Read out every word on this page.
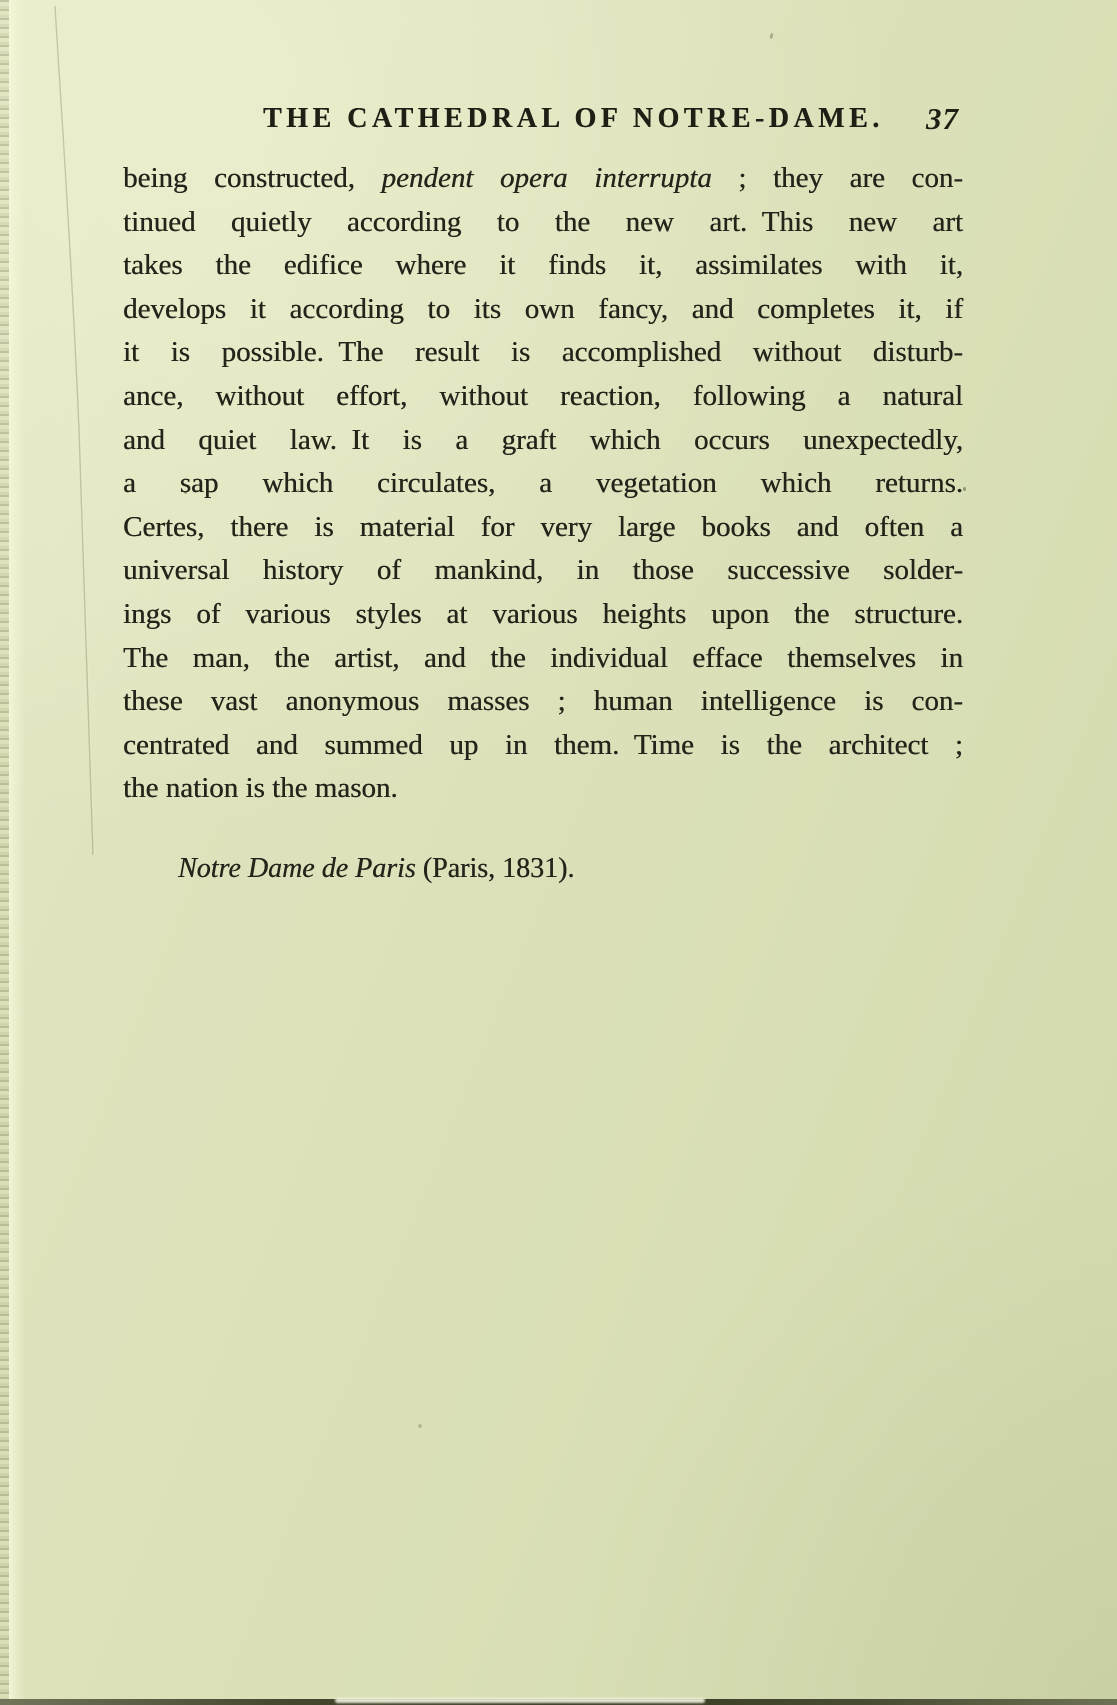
THE CATHEDRAL OF NOTRE-DAME. 37
being constructed, pendent opera interrupta ; they are con-
tinued quietly according to the new art. This new art
takes the edifice where it finds it, assimilates with it,
develops it according to its own fancy, and completes it, if
it is possible. The result is accomplished without disturb-
ance, without effort, without reaction, following a natural
and quiet law. It is a graft which occurs unexpectedly,
a sap which circulates, a vegetation which returns.
Certes, there is material for very large books and often a
universal history of mankind, in those successive solder-
ings of various styles at various heights upon the structure.
The man, the artist, and the individual efface themselves in
these vast anonymous masses ; human intelligence is con-
centrated and summed up in them. Time is the architect ;
the nation is the mason.
Notre Dame de Paris (Paris, 1831).
